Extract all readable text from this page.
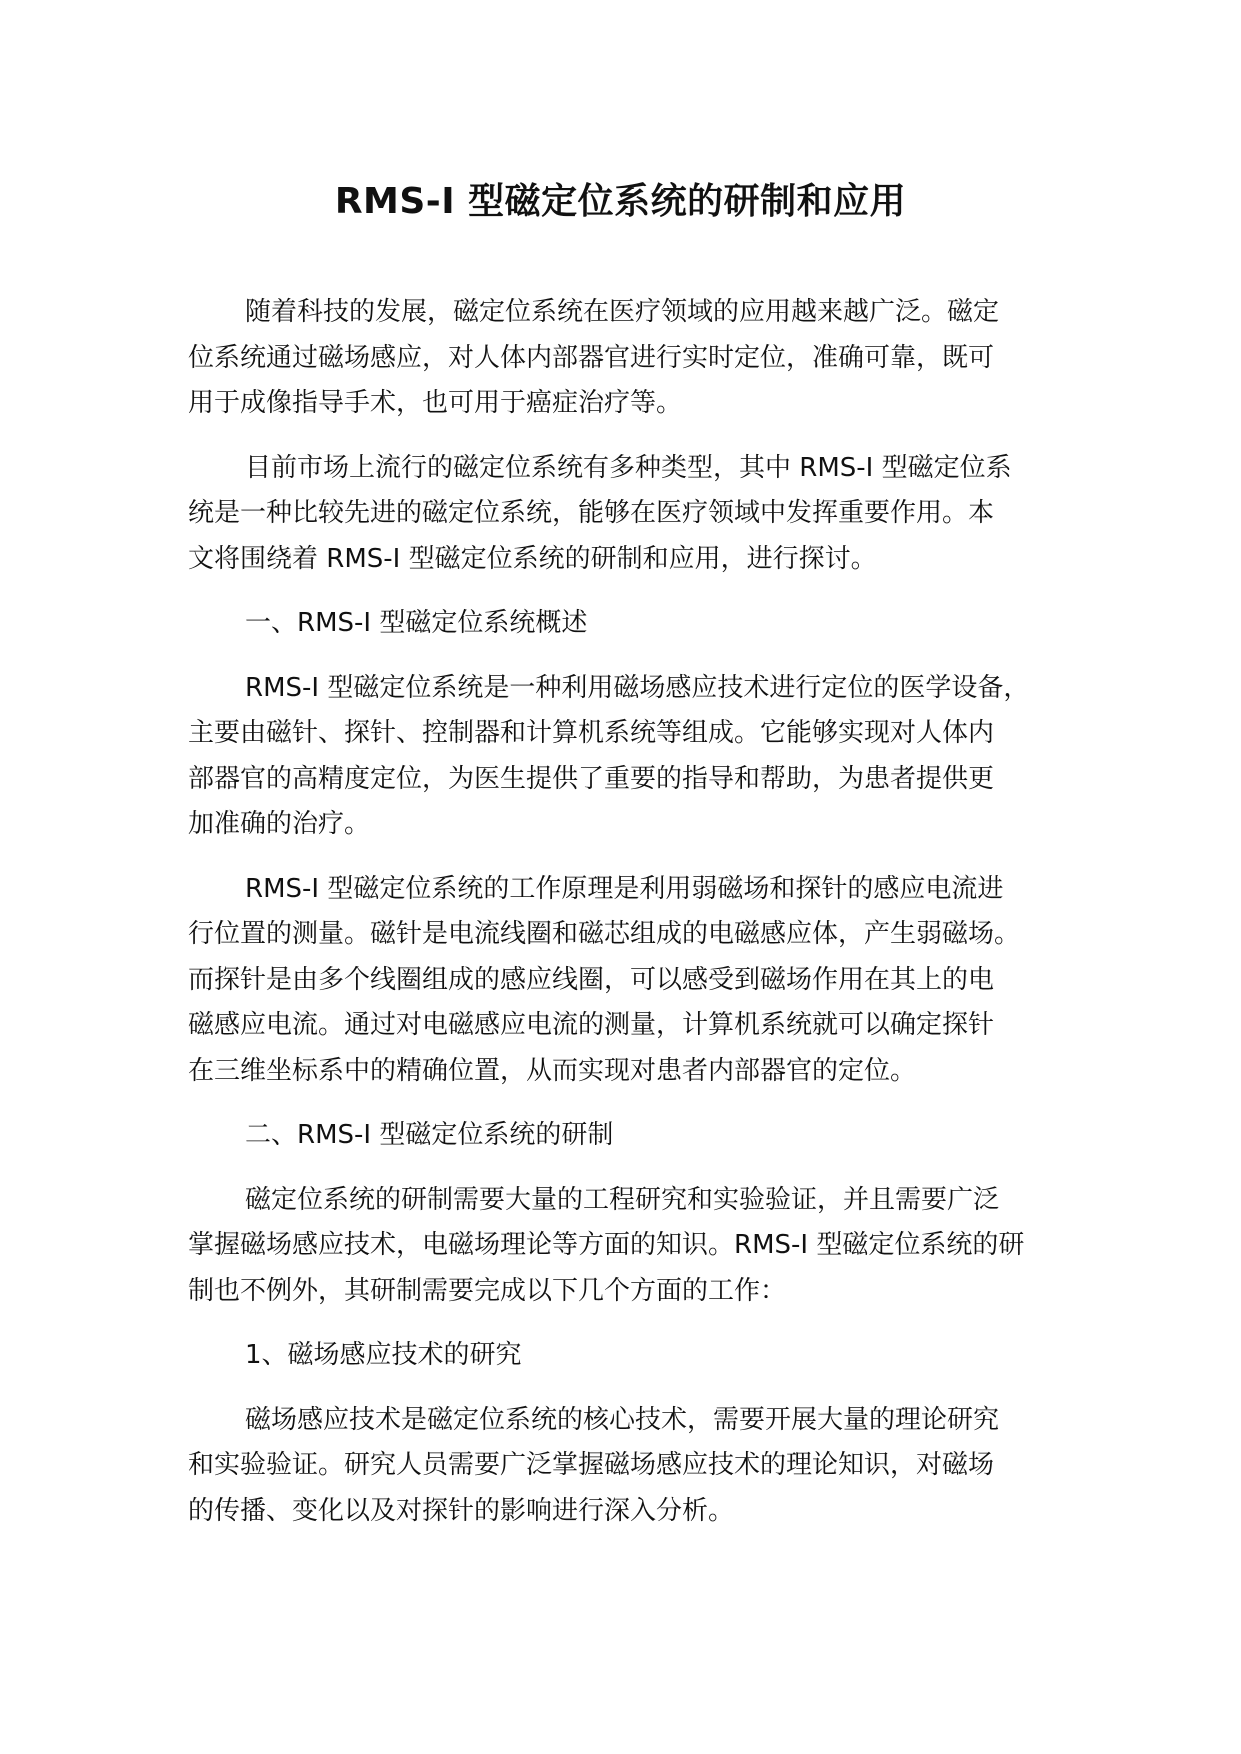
RMS-I 型磁定位系统的研制和应用
随着科技的发展，磁定位系统在医疗领域的应用越来越广泛。磁定
位系统通过磁场感应，对人体内部器官进行实时定位，准确可靠，既可
用于成像指导手术，也可用于癌症治疗等。
目前市场上流行的磁定位系统有多种类型，其中 RMS-I 型磁定位系
统是一种比较先进的磁定位系统，能够在医疗领域中发挥重要作用。本
文将围绕着 RMS-I 型磁定位系统的研制和应用，进行探讨。
一、RMS-I 型磁定位系统概述
RMS-I 型磁定位系统是一种利用磁场感应技术进行定位的医学设备，
主要由磁针、探针、控制器和计算机系统等组成。它能够实现对人体内
部器官的高精度定位，为医生提供了重要的指导和帮助，为患者提供更
加准确的治疗。
RMS-I 型磁定位系统的工作原理是利用弱磁场和探针的感应电流进
行位置的测量。磁针是电流线圈和磁芯组成的电磁感应体，产生弱磁场。
而探针是由多个线圈组成的感应线圈，可以感受到磁场作用在其上的电
磁感应电流。通过对电磁感应电流的测量，计算机系统就可以确定探针
在三维坐标系中的精确位置，从而实现对患者内部器官的定位。
二、RMS-I 型磁定位系统的研制
磁定位系统的研制需要大量的工程研究和实验验证，并且需要广泛
掌握磁场感应技术，电磁场理论等方面的知识。RMS-I 型磁定位系统的研
制也不例外，其研制需要完成以下几个方面的工作：
1、磁场感应技术的研究
磁场感应技术是磁定位系统的核心技术，需要开展大量的理论研究
和实验验证。研究人员需要广泛掌握磁场感应技术的理论知识，对磁场
的传播、变化以及对探针的影响进行深入分析。
